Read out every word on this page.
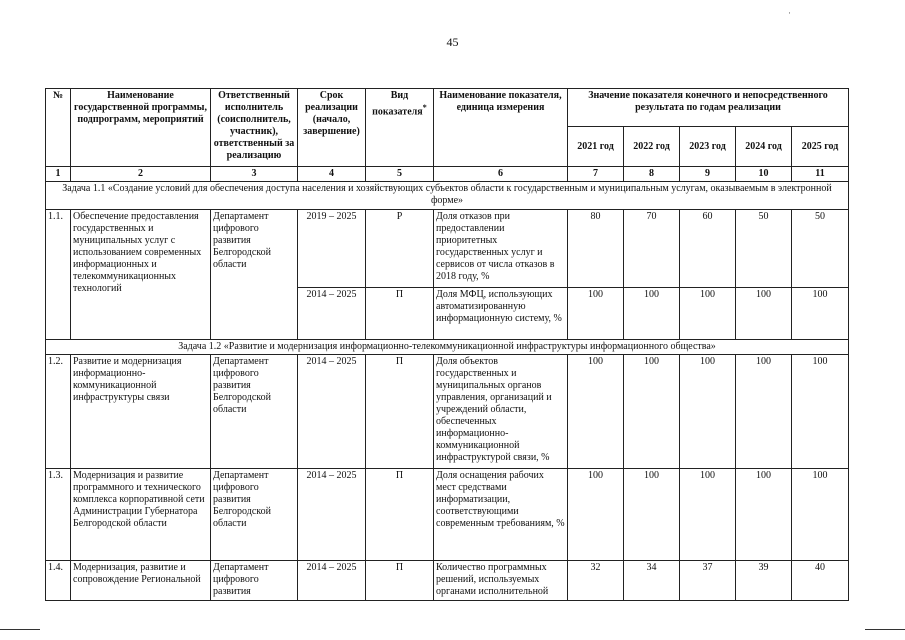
45
·
№	Наименование государственной программы, подпрограмм, мероприятий	Ответственный исполнитель (соисполнитель, участник), ответственный за реализацию	Срок реализации (начало, завершение)	Вид показателя*	Наименование показателя, единица измерения	Значение показателя конечного и непосредственного результата по годам реализации				
						2021 год	2022 год	2023 год	2024 год	2025 год
1	2	3	4	5	6	7	8	9	10	11
Задача 1.1 «Создание условий для обеспечения доступа населения и хозяйствующих субъектов области к государственным и муниципальным услугам, оказываемым в электронной форме»										
1.1.	Обеспечение предоставления государственных и муниципальных услуг с использованием современных информационных и телекоммуникационных технологий	Департамент цифрового развития Белгородской области	2019 – 2025	Р	Доля отказов при предоставлении приоритетных государственных услуг и сервисов от числа отказов в 2018 году, %	80	70	60	50	50
			2014 – 2025	П	Доля МФЦ, использующих автоматизированную информационную систему, %	100	100	100	100	100
Задача 1.2 «Развитие и модернизация информационно-телекоммуникационной инфраструктуры информационного общества»										
1.2.	Развитие и модернизация информационно-коммуникационной инфраструктуры связи	Департамент цифрового развития Белгородской области	2014 – 2025	П	Доля объектов государственных и муниципальных органов управления, организаций и учреждений области, обеспеченных информационно-коммуникационной инфраструктурой связи, %	100	100	100	100	100
1.3.	Модернизация и развитие программного и технического комплекса корпоративной сети Администрации Губернатора Белгородской области	Департамент цифрового развития Белгородской области	2014 – 2025	П	Доля оснащения рабочих мест средствами информатизации, соответствующими современным требованиям, %	100	100	100	100	100
1.4.	Модернизация, развитие и сопровождение Региональной	Департамент цифрового развития	2014 – 2025	П	Количество программных решений, используемых органами исполнительной	32	34	37	39	40
